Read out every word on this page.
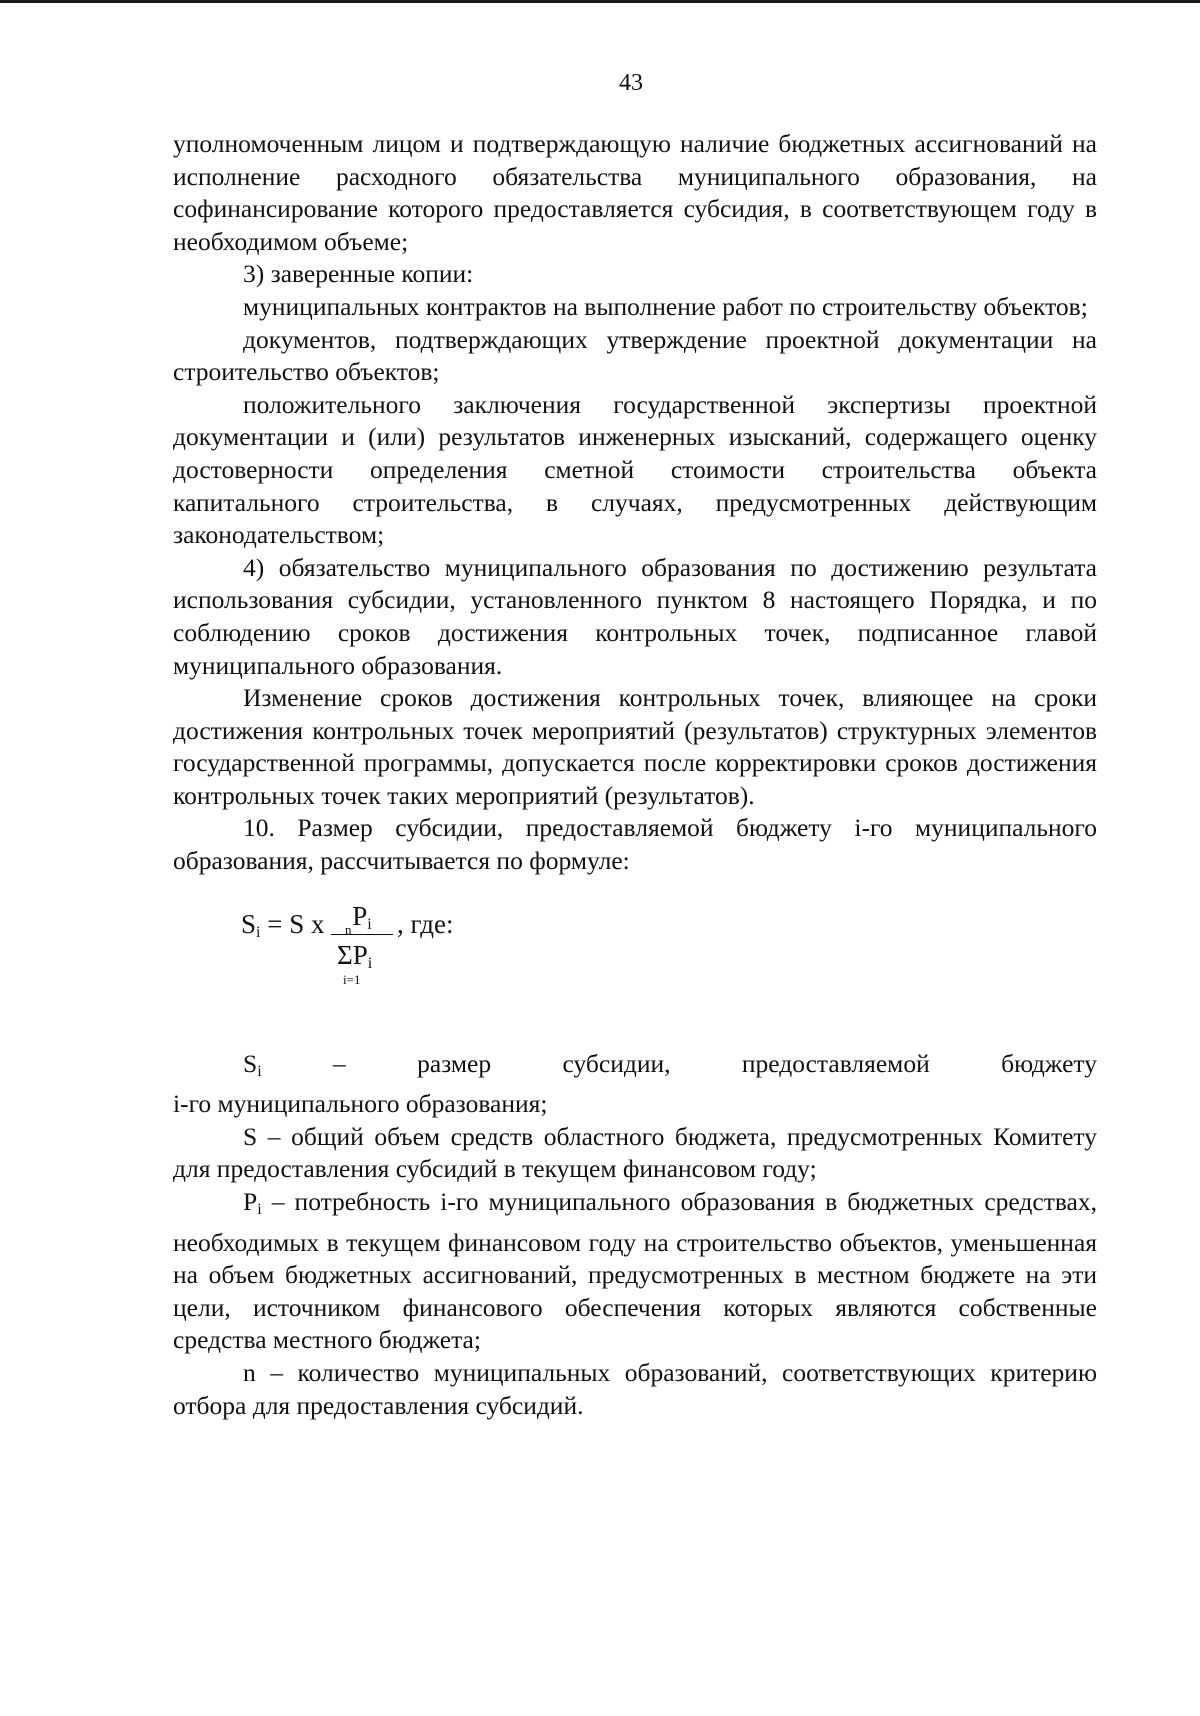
43

уполномоченным лицом и подтверждающую наличие бюджетных ассигнований на исполнение расходного обязательства муниципального образования, на софинансирование которого предоставляется субсидия, в соответствующем году в необходимом объеме;

3) заверенные копии:

муниципальных контрактов на выполнение работ по строительству объектов;

документов, подтверждающих утверждение проектной документации на строительство объектов;

положительного заключения государственной экспертизы проектной документации и (или) результатов инженерных изысканий, содержащего оценку достоверности определения сметной стоимости строительства объекта капитального строительства, в случаях, предусмотренных действующим законодательством;

4) обязательство муниципального образования по достижению результата использования субсидии, установленного пунктом 8 настоящего Порядка, и по соблюдению сроков достижения контрольных точек, подписанное главой муниципального образования.

Изменение сроков достижения контрольных точек, влияющее на сроки достижения контрольных точек мероприятий (результатов) структурных элементов государственной программы, допускается после корректировки сроков достижения контрольных точек таких мероприятий (результатов).

10. Размер субсидии, предоставляемой бюджету i-го муниципального образования, рассчитывается по формуле:

$S_i = S$ x	$P_i$
n
$\Sigma P_i$
i=1
, где:
$S_i$	–	размер	субсидии,	предоставляемой	бюджету

i-го муниципального образования;

S – общий объем средств областного бюджета, предусмотренных Комитету для предоставления субсидий в текущем финансовом году;

$P_i$ – потребность i-го муниципального образования в бюджетных средствах, необходимых в текущем финансовом году на строительство объектов, уменьшенная на объем бюджетных ассигнований, предусмотренных в местном бюджете на эти цели, источником финансового обеспечения которых являются собственные средства местного бюджета;

n – количество муниципальных образований, соответствующих критерию отбора для предоставления субсидий.
